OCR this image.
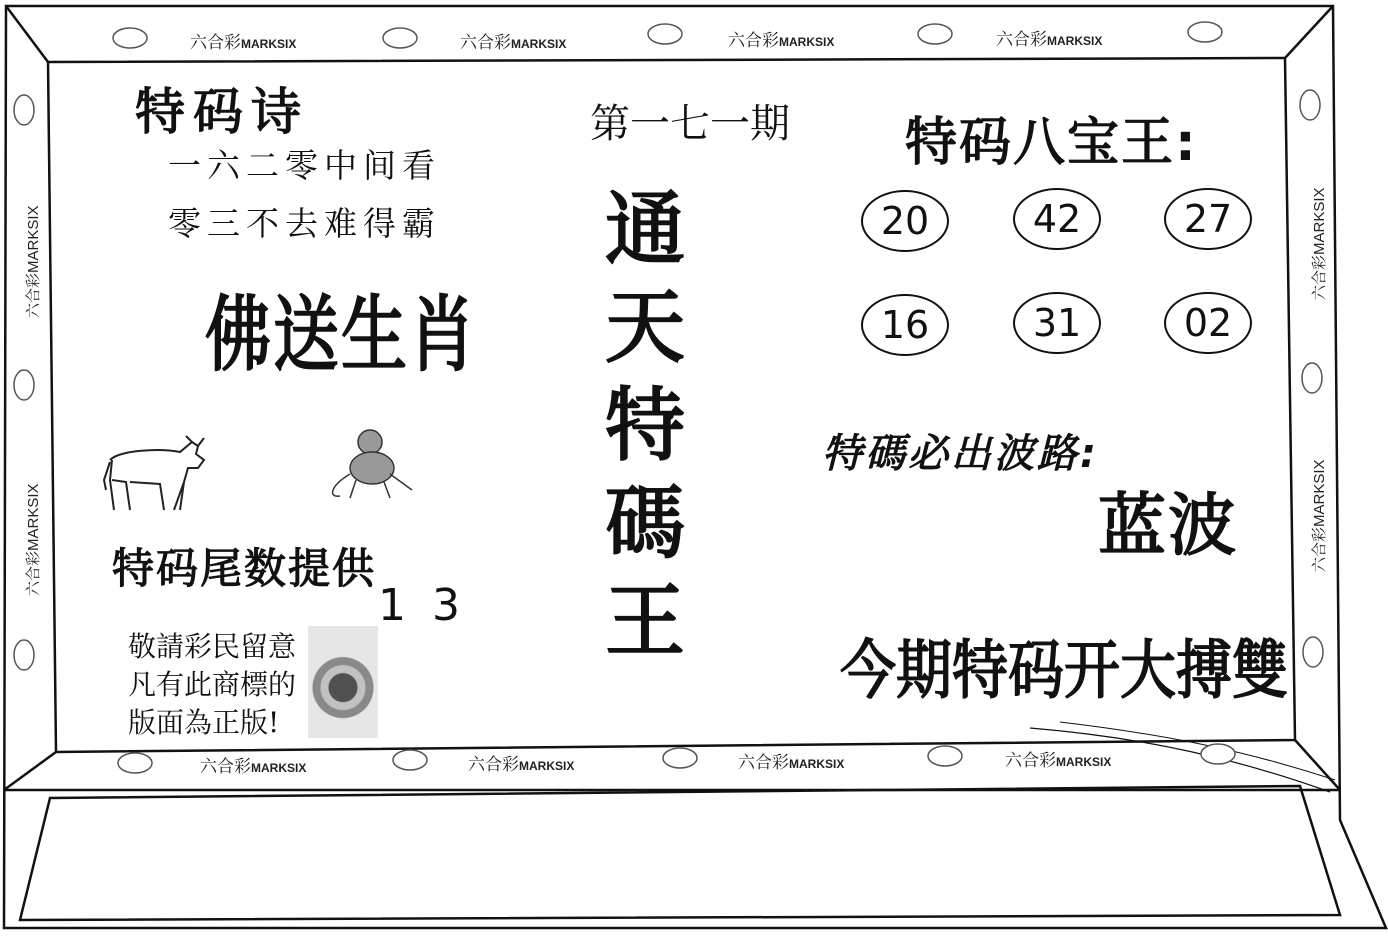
六合彩MARKSIX	六合彩MARKSIX	六合彩MARKSIX	六合彩MARKSIX
六合彩MARKSIX	六合彩MARKSIX	六合彩MARKSIX	六合彩MARKSIX
六合彩MARKSIX
六合彩MARKSIX
六合彩MARKSIX
六合彩MARKSIX
特码诗
一六二零中间看
零三不去难得霸
佛送生肖
特码尾数提供
1 3
敬請彩民留意
凡有此商標的
版面為正版!
第一七一期
通
天
特
碼
王
特码八宝王:
20	42	27
16	31	02
特碼必出波路:
蓝波
今期特码开大搏雙
